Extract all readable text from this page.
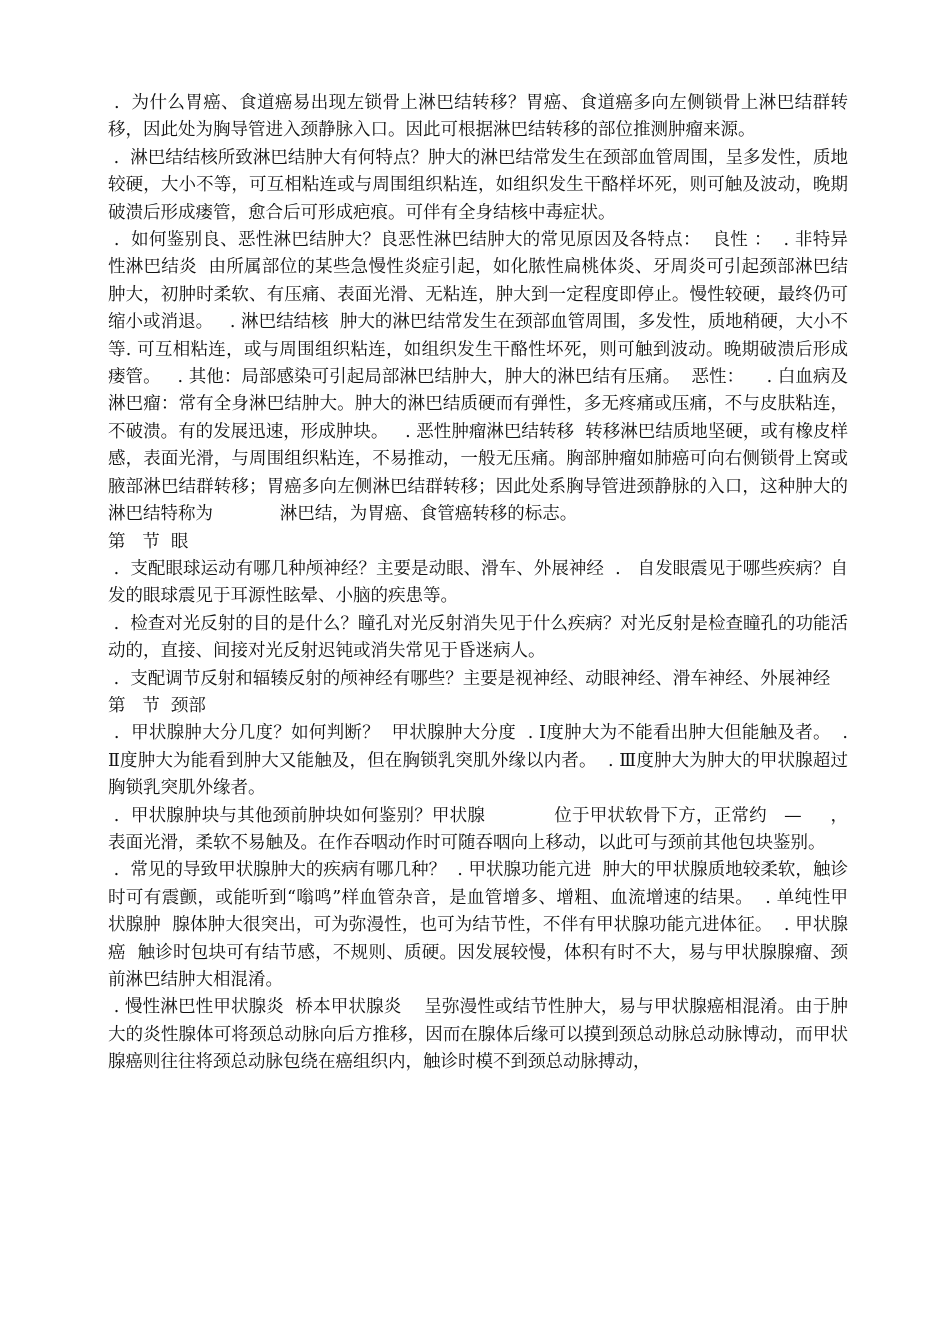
.  为什么胃癌、食道癌易出现左锁骨上淋巴结转移？胃癌、食道癌多向左侧锁骨上淋巴结群转移，因此处为胸导管进入颈静脉入口。因此可根据淋巴结转移的部位推测肿瘤来源。

.  淋巴结结核所致淋巴结肿大有何特点？肿大的淋巴结常发生在颈部血管周围，呈多发性，质地较硬，大小不等，可互相粘连或与周围组织粘连，如组织发生干酪样坏死，则可触及波动，晚期破溃后形成瘘管，愈合后可形成疤痕。可伴有全身结核中毒症状。

.  如何鉴别良、恶性淋巴结肿大？良恶性淋巴结肿大的常见原因及各特点：  良性 ：  . 非特异性淋巴结炎  由所属部位的某些急慢性炎症引起，如化脓性扁桃体炎、牙周炎可引起颈部淋巴结肿大，初肿时柔软、有压痛、表面光滑、无粘连，肿大到一定程度即停止。慢性较硬，最终仍可缩小或消退。   . 淋巴结结核  肿大的淋巴结常发生在颈部血管周围，多发性，质地稍硬，大小不等. 可互相粘连，或与周围组织粘连，如组织发生干酪性坏死，则可触到波动。晚期破溃后形成瘘管。   . 其他：局部感染可引起局部淋巴结肿大，肿大的淋巴结有压痛。  恶性：    . 白血病及淋巴瘤：常有全身淋巴结肿大。肿大的淋巴结质硬而有弹性，多无疼痛或压痛，不与皮肤粘连，不破溃。有的发展迅速，形成肿块。   . 恶性肿瘤淋巴结转移  转移淋巴结质地坚硬，或有橡皮样感，表面光滑，与周围组织粘连，不易推动，一般无压痛。胸部肿瘤如肺癌可向右侧锁骨上窝或腋部淋巴结群转移；胃癌多向左侧淋巴结群转移；因此处系胸导管进颈静脉的入口，这种肿大的淋巴结特称为            淋巴结，为胃癌、食管癌转移的标志。

第   节  眼

.  支配眼球运动有哪几种颅神经？主要是动眼、滑车、外展神经  .   自发眼震见于哪些疾病？自发的眼球震见于耳源性眩晕、小脑的疾患等。

.  检查对光反射的目的是什么？瞳孔对光反射消失见于什么疾病？对光反射是检查瞳孔的功能活动的，直接、间接对光反射迟钝或消失常见于昏迷病人。

.  支配调节反射和辐辏反射的颅神经有哪些？主要是视神经、动眼神经、滑车神经、外展神经

第   节  颈部

.  甲状腺肿大分几度？如何判断？  甲状腺肿大分度  . Ⅰ度肿大为不能看出肿大但能触及者。  . Ⅱ度肿大为能看到肿大又能触及，但在胸锁乳突肌外缘以内者。  . Ⅲ度肿大为肿大的甲状腺超过胸锁乳突肌外缘者。

.  甲状腺肿块与其他颈前肿块如何鉴别？甲状腺            位于甲状软骨下方，正常约   —     ，表面光滑，柔软不易触及。在作吞咽动作时可随吞咽向上移动，以此可与颈前其他包块鉴别。

.  常见的导致甲状腺肿大的疾病有哪几种？  . 甲状腺功能亢进  肿大的甲状腺质地较柔软，触诊时可有震颤，或能听到“嗡鸣”样血管杂音，是血管增多、增粗、血流增速的结果。  . 单纯性甲状腺肿  腺体肿大很突出，可为弥漫性，也可为结节性，不伴有甲状腺功能亢进体征。  . 甲状腺癌  触诊时包块可有结节感，不规则、质硬。因发展较慢，体积有时不大，易与甲状腺腺瘤、颈前淋巴结肿大相混淆。

. 慢性淋巴性甲状腺炎  桥本甲状腺炎    呈弥漫性或结节性肿大，易与甲状腺癌相混淆。由于肿大的炎性腺体可将颈总动脉向后方推移，因而在腺体后缘可以摸到颈总动脉总动脉博动，而甲状腺癌则往往将颈总动脉包绕在癌组织内，触诊时模不到颈总动脉搏动，
